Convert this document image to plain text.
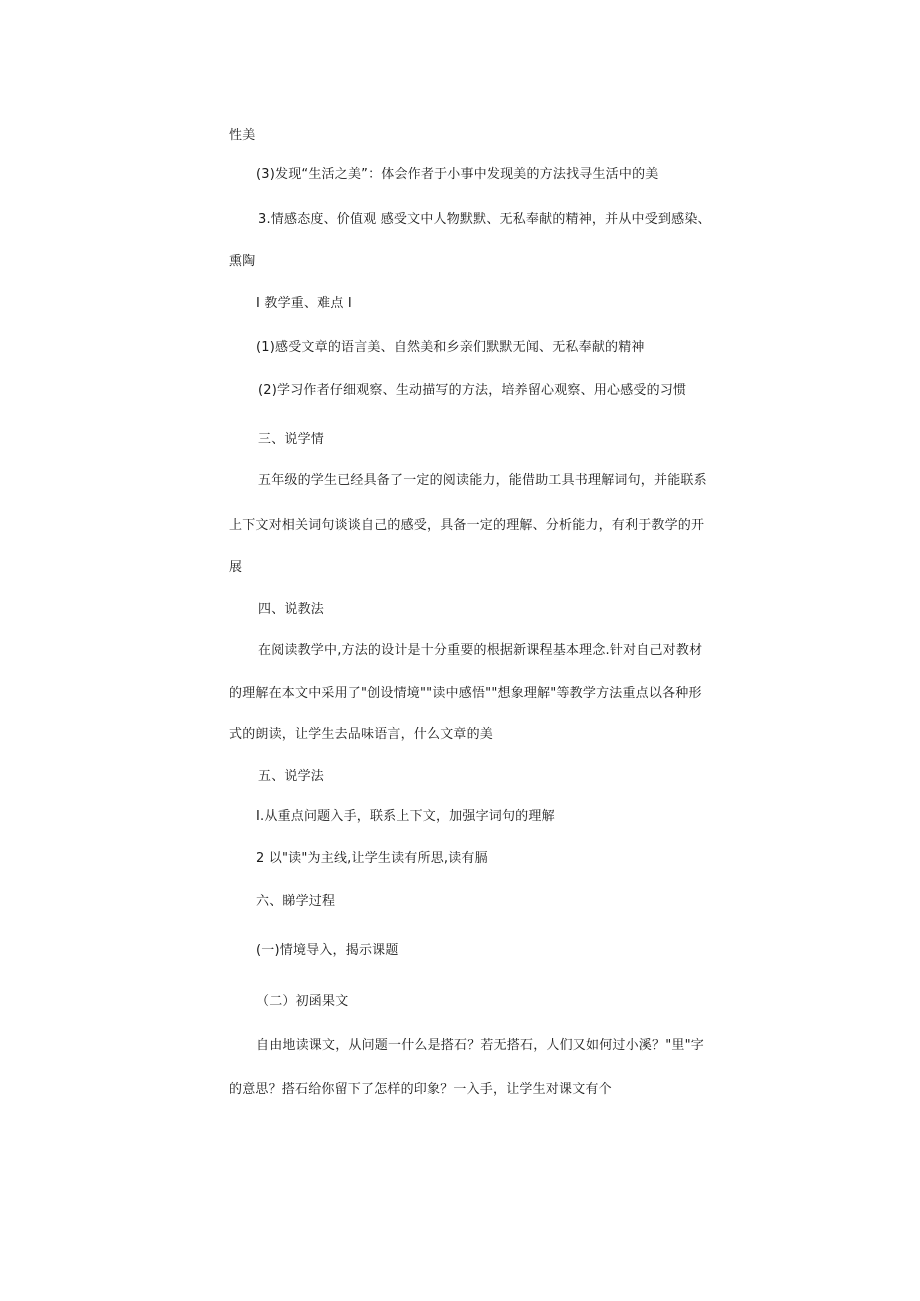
性美
(3)发现“生活之美”：体会作者于小事中发现美的方法找寻生活中的美
3.情感态度、价值观 感受文中人物默默、无私奉献的精神，并从中受到感染、
熏陶
I 教学重、难点 I
(1)感受文章的语言美、自然美和乡亲们默默无闻、无私奉献的精神
(2)学习作者仔细观察、生动描写的方法，培养留心观察、用心感受的习惯
三、说学情
五年级的学生已经具备了一定的阅读能力，能借助工具书理解词句，并能联系
上下文对相关词句谈谈自己的感受，具备一定的理解、分析能力，有利于教学的开
展
四、说教法
在阅读教学中,方法的设计是十分重要的根据新课程基本理念.针对自己对教材
的理解在本文中采用了"创设情境""读中感悟""想象理解"等教学方法重点以各种形
式的朗读，让学生去品味语言，什么文章的美
五、说学法
I.从重点问题入手，联系上下文，加强字词句的理解
2 以"读"为主线,让学生读有所思,读有膈
六、睇学过程
(一)情境导入，揭示课题
（二）初函果文
自由地读课文，从问题一什么是搭石？若无搭石，人们又如何过小溪？"里"字
的意思？搭石给你留下了怎样的印象？一入手，让学生对课文有个
